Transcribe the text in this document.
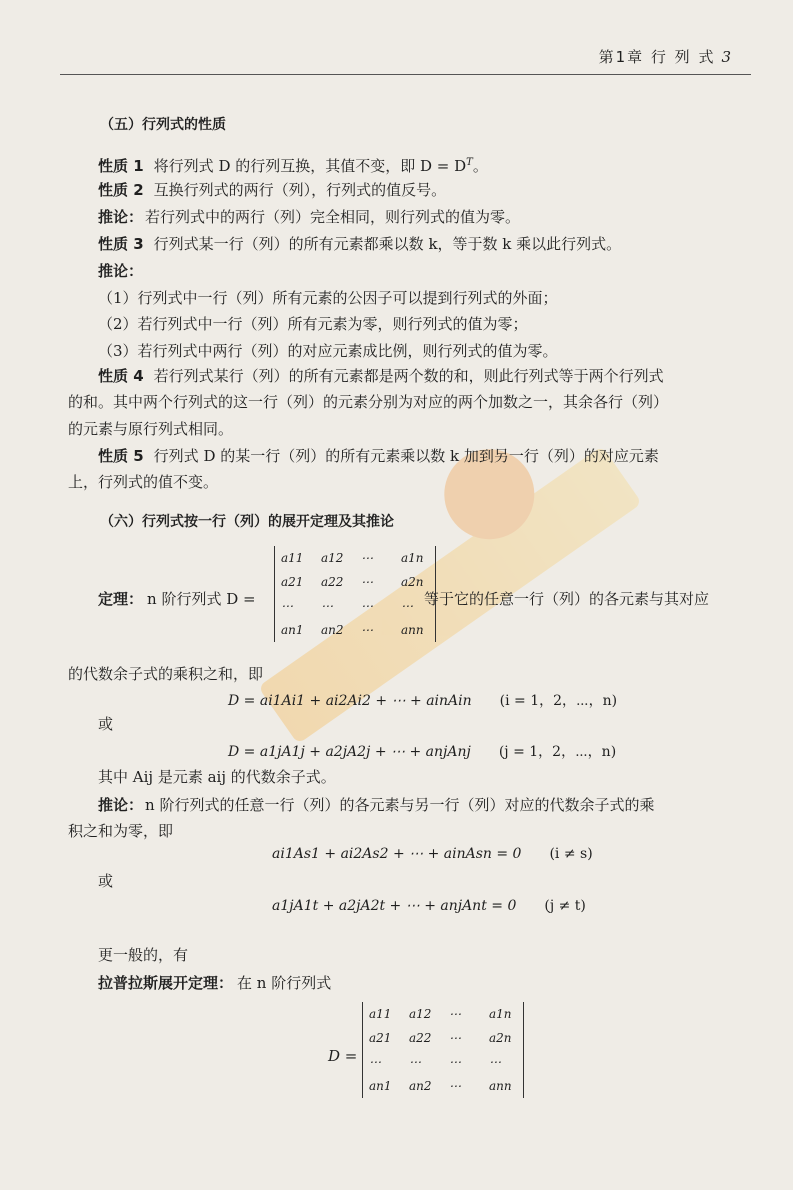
第1章 行 列 式 3
（五）行列式的性质
性质 1 将行列式 D 的行列互换，其值不变，即 $D = D^T$。
性质 2 互换行列式的两行（列），行列式的值反号。
推论： 若行列式中的两行（列）完全相同，则行列式的值为零。
性质 3 行列式某一行（列）的所有元素都乘以数 k，等于数 k 乘以此行列式。
推论：
（1）行列式中一行（列）所有元素的公因子可以提到行列式的外面；
（2）若行列式中一行（列）所有元素为零，则行列式的值为零；
（3）若行列式中两行（列）的对应元素成比例，则行列式的值为零。
性质 4 若行列式某行（列）的所有元素都是两个数的和，则此行列式等于两个行列式
的和。其中两个行列式的这一行（列）的元素分别为对应的两个加数之一，其余各行（列）
的元素与原行列式相同。
性质 5 行列式 D 的某一行（列）的所有元素乘以数 k 加到另一行（列）的对应元素
上，行列式的值不变。
（六）行列式按一行（列）的展开定理及其推论
定理： n 阶行列式 D =
a11	a12	⋯	a1n
a21	a22	⋯	a2n
⋯	⋯	⋯	⋯
an1	an2	⋯	ann
等于它的任意一行（列）的各元素与其对应
的代数余子式的乘积之和，即
D = ai1Ai1 + ai2Ai2 + ⋯ + ainAin (i = 1，2，⋯，n)
或
D = a1jA1j + a2jA2j + ⋯ + anjAnj (j = 1，2，⋯，n)
其中 Aij 是元素 aij 的代数余子式。
推论： n 阶行列式的任意一行（列）的各元素与另一行（列）对应的代数余子式的乘
积之和为零，即
ai1As1 + ai2As2 + ⋯ + ainAsn = 0 (i ≠ s)
或
a1jA1t + a2jA2t + ⋯ + anjAnt = 0 (j ≠ t)
更一般的，有
拉普拉斯展开定理： 在 n 阶行列式
D =
a11	a12	⋯	a1n
a21	a22	⋯	a2n
⋯	⋯	⋯	⋯
an1	an2	⋯	ann
